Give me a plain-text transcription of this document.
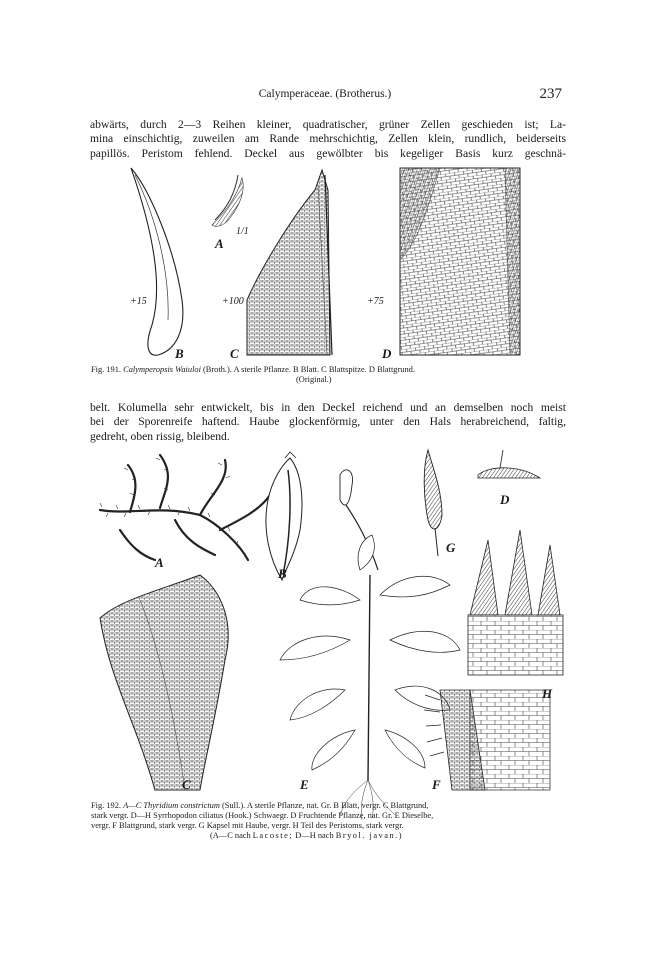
Calymperaceae. (Brotherus.)	237
abwärts, durch 2—3 Reihen kleiner, quadratischer, grüner Zellen geschieden ist; La-
mina einschichtig, zuweilen am Rande mehrschichtig, Zellen klein, rundlich, beiderseits
papillös. Peristom fehlend. Deckel aus gewölbter bis kegeliger Basis kurz geschnä-
A
1/1
B
+15
C
+100
D
+75
Fig. 191. Calymperopsis Waiuloi (Broth.). A sterile Pflanze. B Blatt. C Blattspitze. D Blattgrund.
(Original.)
belt. Kolumella sehr entwickelt, bis in den Deckel reichend und an demselben noch meist
bei der Sporenreife haftend. Haube glockenförmig, unter den Hals herabreichend, faltig,
gedreht, oben rissig, bleibend.
A
B
C
D
E	F
G
H
Fig. 192. A—C Thyridium constrictum (Sull.). A sterile Pflanze, nat. Gr. B Blatt, vergr. C Blattgrund,
stark vergr. D—H Syrrhopodon ciliatus (Hook.) Schwaegr. D Fruchtende Pflanze, nat. Gr. E Dieselbe,
vergr. F Blattgrund, stark vergr. G Kapsel mit Haube, vergr. H Teil des Peristoms, stark vergr.
(A—C nach Lacoste; D—H nach Bryol. javan.)
